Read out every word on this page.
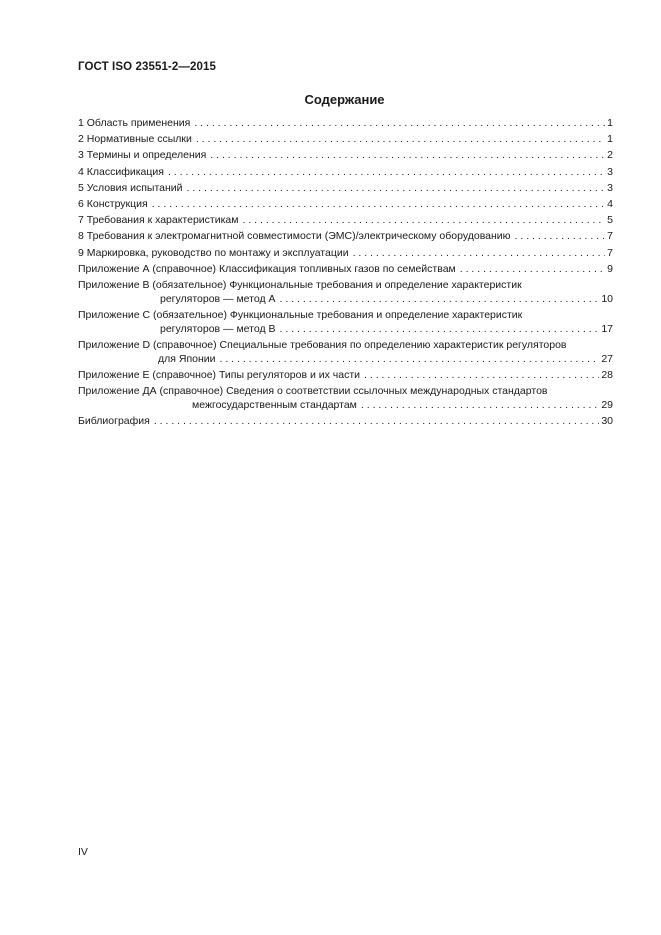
ГОСТ ISO 23551-2—2015
Содержание
1 Область применения . . .	1
2 Нормативные ссылки . . .	1
3 Термины и определения . . .	2
4 Классификация . . .	3
5 Условия испытаний . . .	3
6 Конструкция . . .	4
7 Требования к характеристикам . . .	5
8 Требования к электромагнитной совместимости (ЭМС)/электрическому оборудованию . . .	7
9 Маркировка, руководство по монтажу и эксплуатации . . .	7
Приложение А (справочное) Классификация топливных газов по семействам . . .	9
Приложение В (обязательное) Функциональные требования и определение характеристик
регуляторов — метод А . . .	10
Приложение С (обязательное) Функциональные требования и определение характеристик
регуляторов — метод В . . .	17
Приложение D (справочное) Специальные требования по определению характеристик регуляторов
для Японии . . .	27
Приложение Е (справочное) Типы регуляторов и их части . . .	28
Приложение ДА (справочное) Сведения о соответствии ссылочных международных стандартов
межгосударственным стандартам . . .	29
Библиография . . .	30
IV
